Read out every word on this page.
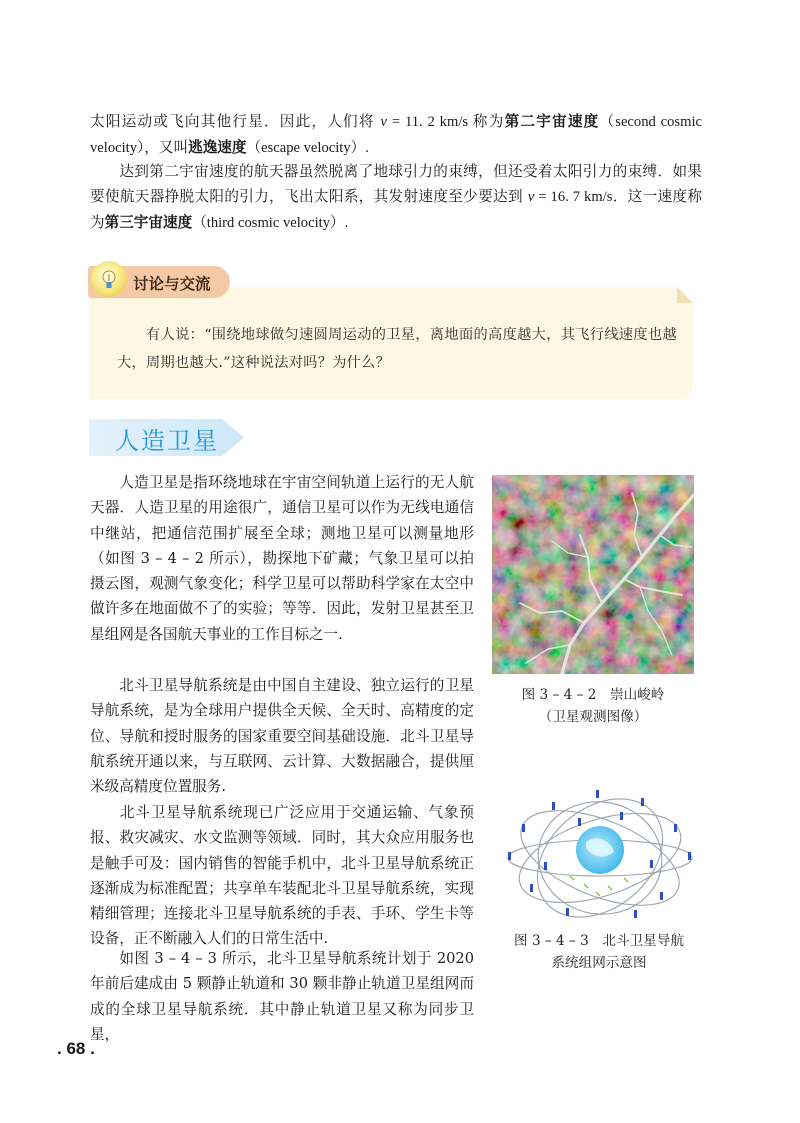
太阳运动或飞向其他行星．因此，人们将 v = 11. 2 km/s 称为第二宇宙速度（second cosmic velocity），又叫逃逸速度（escape velocity）.

达到第二宇宙速度的航天器虽然脱离了地球引力的束缚，但还受着太阳引力的束缚．如果要使航天器挣脱太阳的引力，飞出太阳系，其发射速度至少要达到 v = 16. 7 km/s．这一速度称为第三宇宙速度（third cosmic velocity）.

讨论与交流

有人说：“围绕地球做匀速圆周运动的卫星，离地面的高度越大，其飞行线速度也越大，周期也越大.”这种说法对吗？为什么？

人造卫星

人造卫星是指环绕地球在宇宙空间轨道上运行的无人航天器．人造卫星的用途很广，通信卫星可以作为无线电通信中继站，把通信范围扩展至全球；测地卫星可以测量地形（如图 3 – 4 – 2 所示），勘探地下矿藏；气象卫星可以拍摄云图，观测气象变化；科学卫星可以帮助科学家在太空中做许多在地面做不了的实验；等等．因此，发射卫星甚至卫星组网是各国航天事业的工作目标之一.

北斗卫星导航系统是由中国自主建设、独立运行的卫星导航系统，是为全球用户提供全天候、全天时、高精度的定位、导航和授时服务的国家重要空间基础设施．北斗卫星导航系统开通以来，与互联网、云计算、大数据融合，提供厘米级高精度位置服务.

北斗卫星导航系统现已广泛应用于交通运输、气象预报、救灾减灾、水文监测等领域．同时，其大众应用服务也是触手可及：国内销售的智能手机中，北斗卫星导航系统正逐渐成为标准配置；共享单车装配北斗卫星导航系统，实现精细管理；连接北斗卫星导航系统的手表、手环、学生卡等设备，正不断融入人们的日常生活中.

如图 3 – 4 – 3 所示，北斗卫星导航系统计划于 2020 年前后建成由 5 颗静止轨道和 30 颗非静止轨道卫星组网而成的全球卫星导航系统．其中静止轨道卫星又称为同步卫星，

图 3 – 4 – 2　崇山峻岭
（卫星观测图像）
图 3 – 4 – 3　北斗卫星导航
系统组网示意图
. 68 .
